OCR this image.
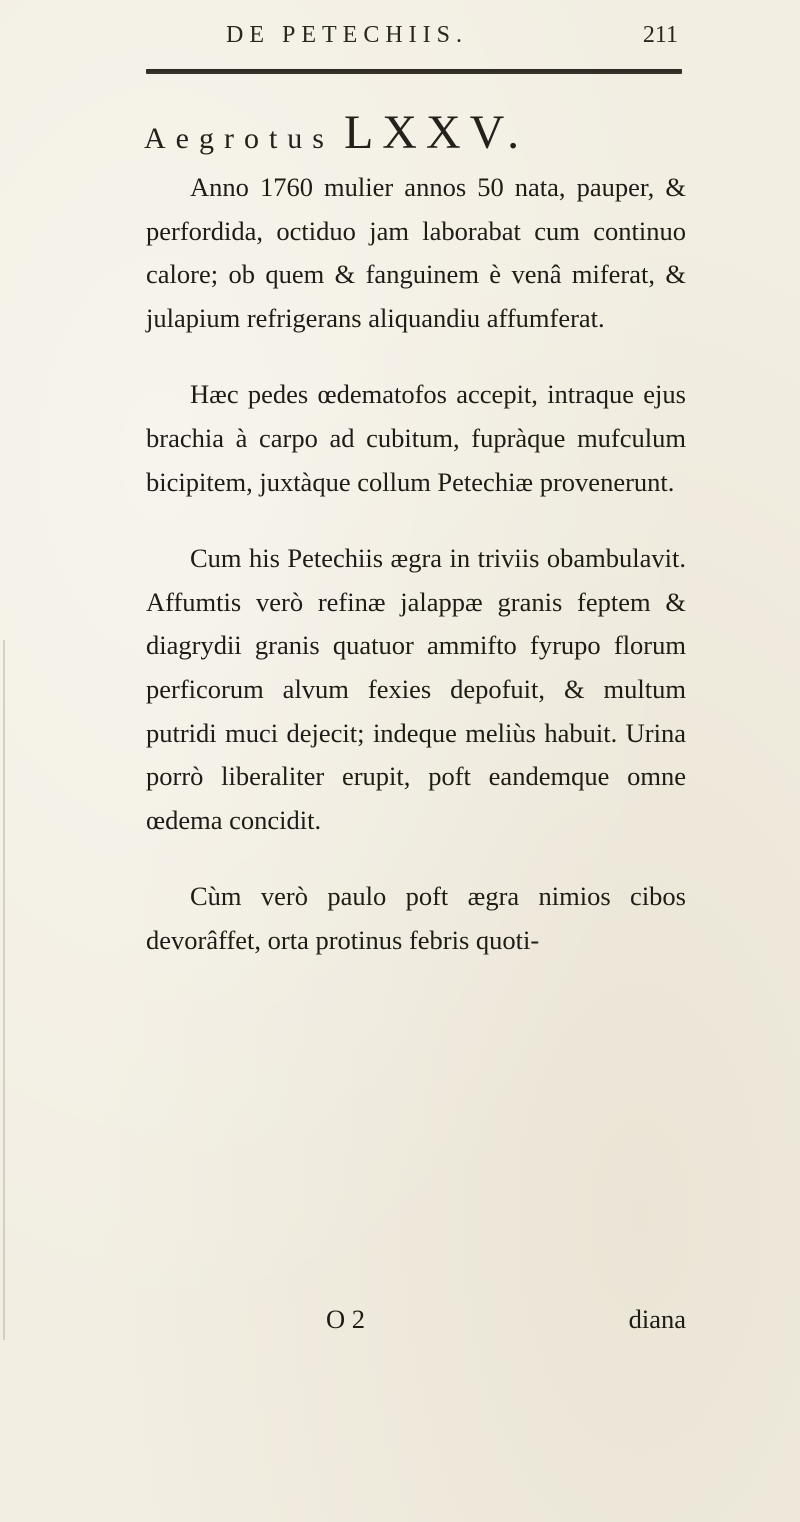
DE PETECHIIS.	211
Aegrotus LXXV.

Anno 1760 mulier annos 50 nata, pauper, & perfordida, octiduo jam laborabat cum continuo calore; ob quem & fanguinem è venâ miferat, & julapium refrigerans aliquandiu affumferat.

Hæc pedes œdematofos accepit, intraque ejus brachia à carpo ad cubitum, fupràque mufculum bicipitem, juxtàque collum Petechiæ provenerunt.

Cum his Petechiis ægra in triviis obambulavit. Affumtis verò refinæ jalappæ granis feptem & diagrydii granis quatuor ammifto fyrupo florum perficorum alvum fexies depofuit, & multum putridi muci dejecit; indeque meliùs habuit. Urina porrò liberaliter erupit, poft eandemque omne œdema concidit.

Cùm verò paulo poft ægra nimios cibos devorâffet, orta protinus febris quoti-

O 2	diana
